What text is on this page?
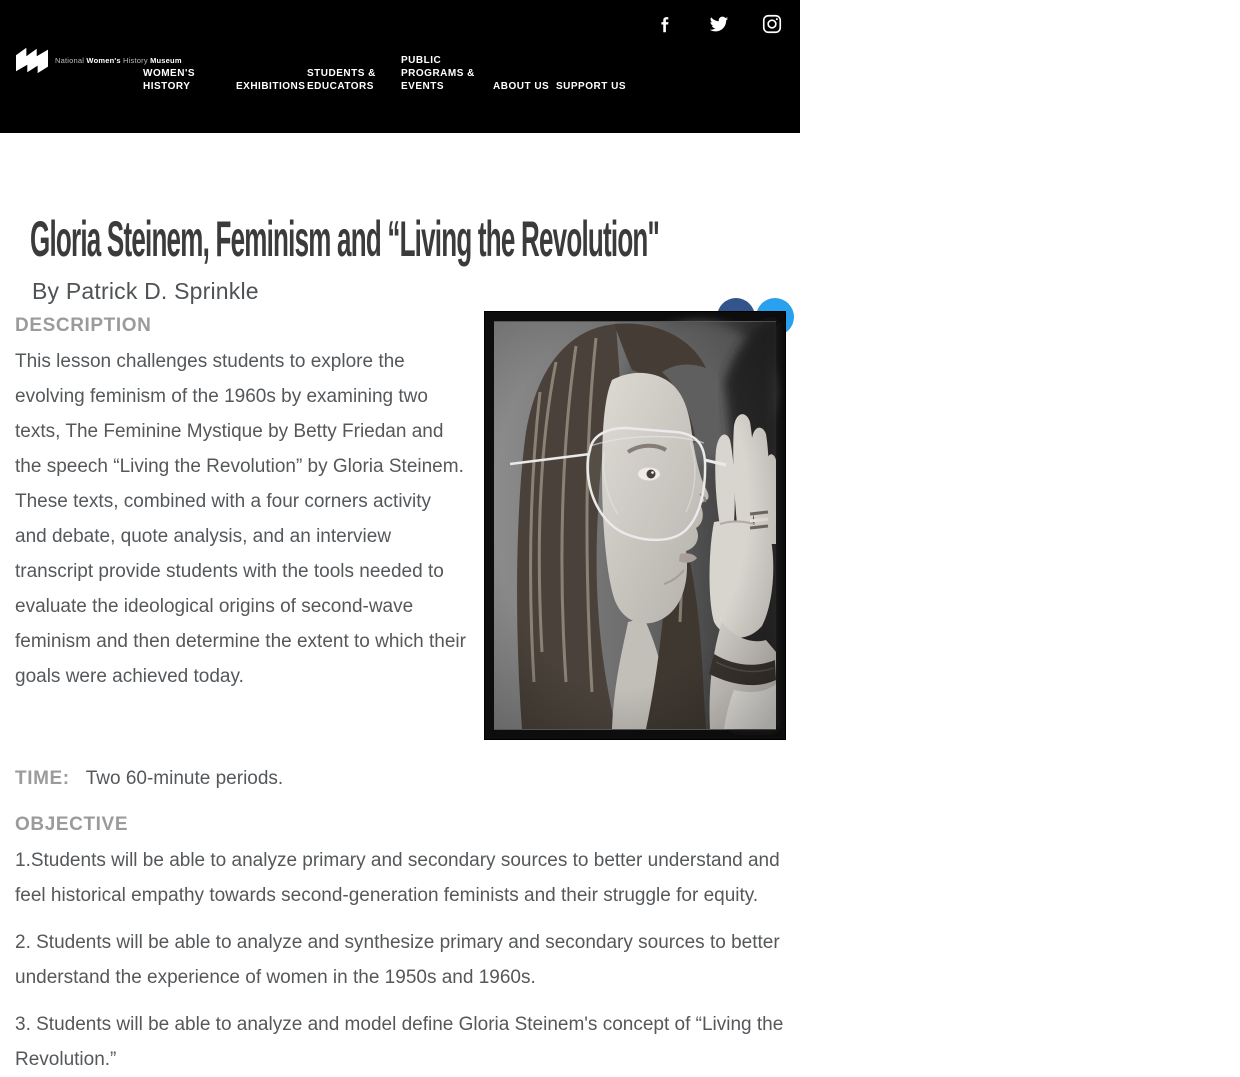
National Women's History Museum
WOMEN'S HISTORY	EXHIBITIONS
STUDENTS & EDUCATORS
PUBLIC PROGRAMS & EVENTS	ABOUT US SUPPORT US
Gloria Steinem, Feminism and “Living the Revolution"
By Patrick D. Sprinkle
DESCRIPTION

This lesson challenges students to explore the evolving feminism of the 1960s by examining two texts, The Feminine Mystique by Betty Friedan and the speech “Living the Revolution” by Gloria Steinem. These texts, combined with a four corners activity and debate, quote analysis, and an interview transcript provide students with the tools needed to evaluate the ideological origins of second-wave feminism and then determine the extent to which their goals were achieved today.

TIME: Two 60-minute periods.
OBJECTIVE

1.Students will be able to analyze primary and secondary sources to better understand and feel historical empathy towards second-generation feminists and their struggle for equity.

2. Students will be able to analyze and synthesize primary and secondary sources to better understand the experience of women in the 1950s and 1960s.

3. Students will be able to analyze and model define Gloria Steinem's concept of “Living the Revolution.”
